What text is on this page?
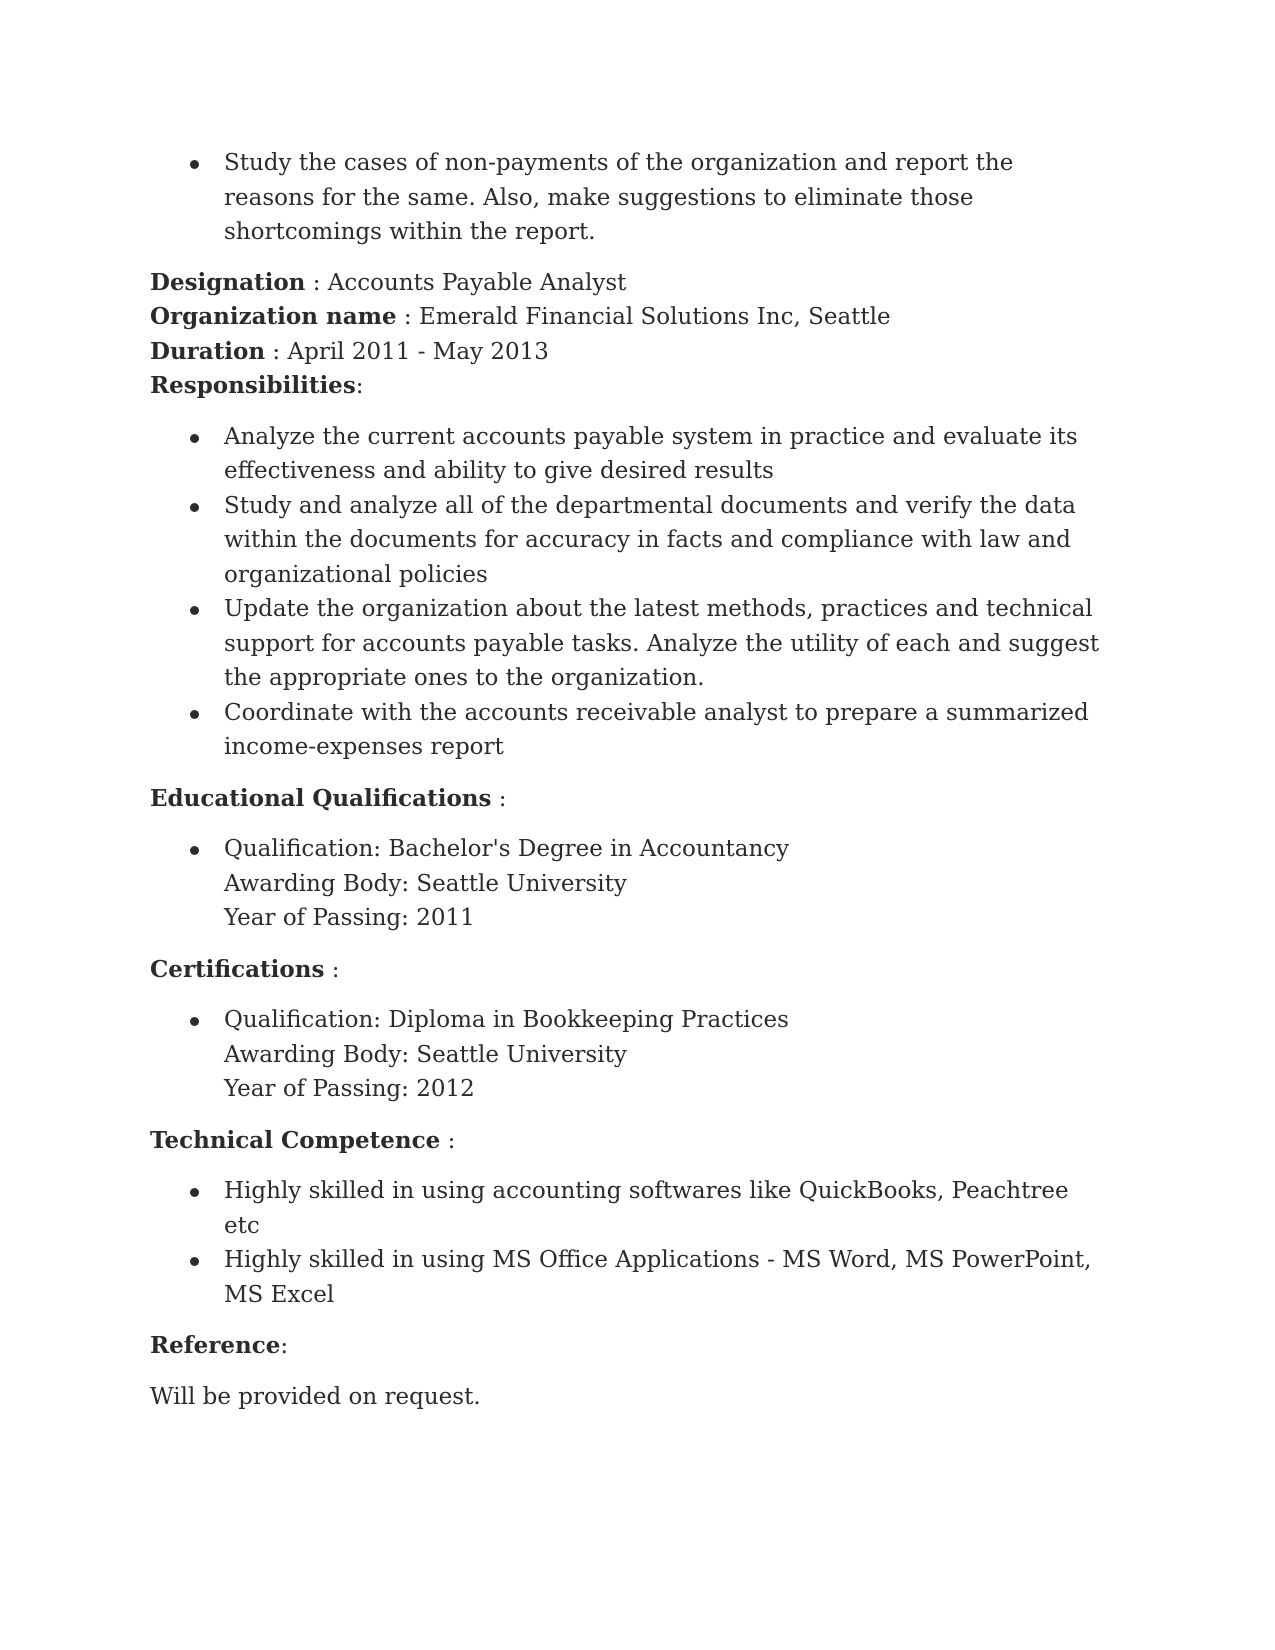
Study the cases of non-payments of the organization and report the reasons for the same. Also, make suggestions to eliminate those shortcomings within the report.
Designation : Accounts Payable Analyst
Organization name : Emerald Financial Solutions Inc, Seattle
Duration : April 2011 - May 2013
Responsibilities:
Analyze the current accounts payable system in practice and evaluate its effectiveness and ability to give desired results
Study and analyze all of the departmental documents and verify the data within the documents for accuracy in facts and compliance with law and organizational policies
Update the organization about the latest methods, practices and technical support for accounts payable tasks. Analyze the utility of each and suggest the appropriate ones to the organization.
Coordinate with the accounts receivable analyst to prepare a summarized income-expenses report
Educational Qualifications :
Qualification: Bachelor's Degree in Accountancy
Awarding Body: Seattle University
Year of Passing: 2011
Certifications :
Qualification: Diploma in Bookkeeping Practices
Awarding Body: Seattle University
Year of Passing: 2012
Technical Competence :
Highly skilled in using accounting softwares like QuickBooks, Peachtree etc
Highly skilled in using MS Office Applications - MS Word, MS PowerPoint, MS Excel
Reference:
Will be provided on request.
